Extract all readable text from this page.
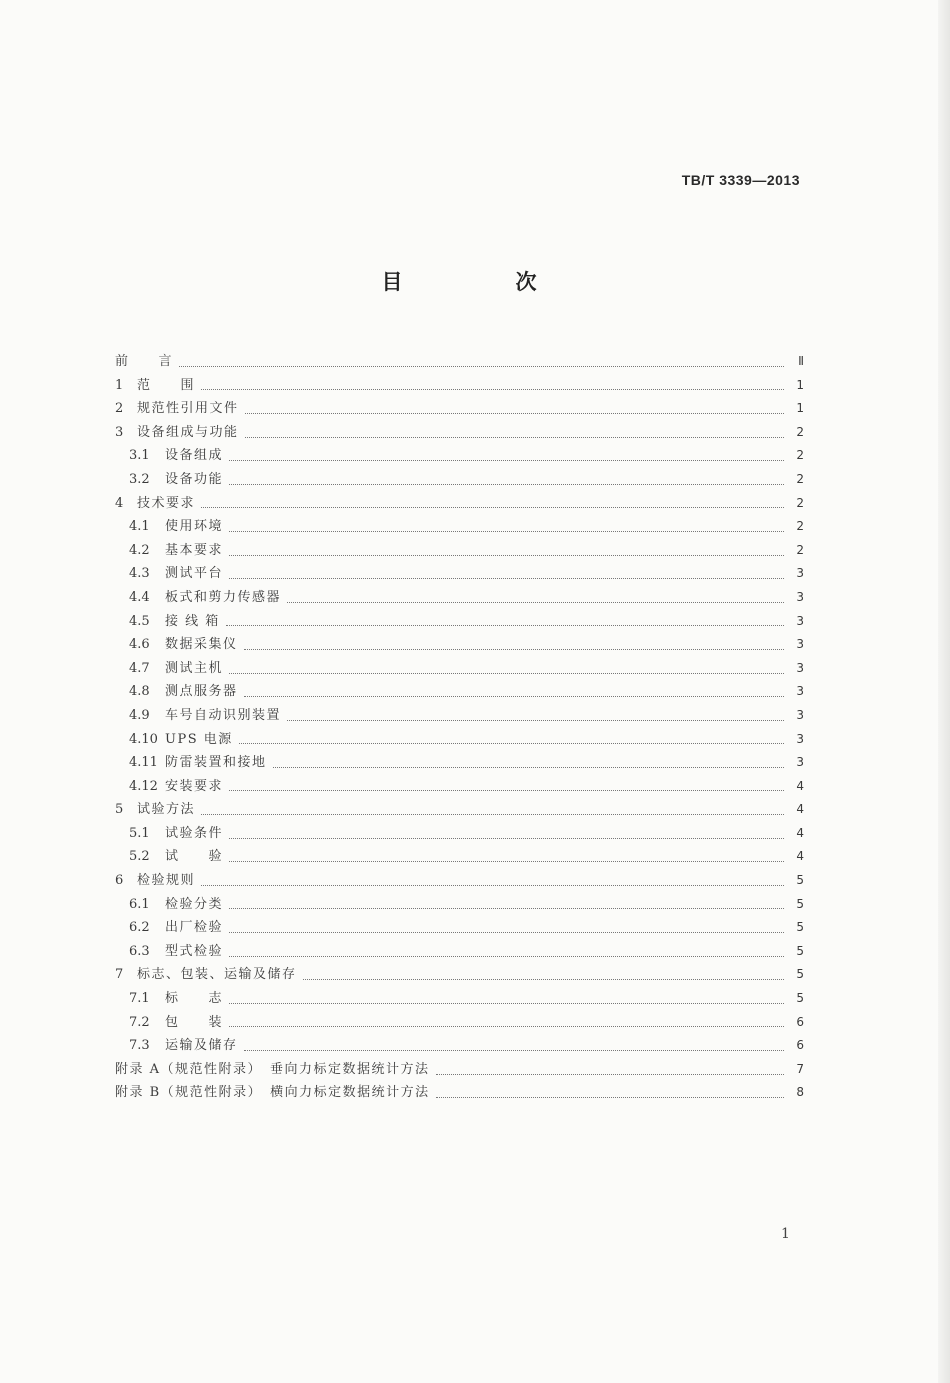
TB/T 3339—2013
目　次
前　　言	Ⅱ
1	范　　围	1
2	规范性引用文件	1
3	设备组成与功能	2
3.1	设备组成	2
3.2	设备功能	2
4	技术要求	2
4.1	使用环境	2
4.2	基本要求	2
4.3	测试平台	3
4.4	板式和剪力传感器	3
4.5	接 线 箱	3
4.6	数据采集仪	3
4.7	测试主机	3
4.8	测点服务器	3
4.9	车号自动识别装置	3
4.10 UPS 电源	3
4.11 防雷装置和接地	3
4.12 安装要求	4
5	试验方法	4
5.1	试验条件	4
5.2	试　　验	4
6	检验规则	5
6.1	检验分类	5
6.2	出厂检验	5
6.3	型式检验	5
7	标志、包装、运输及储存	5
7.1	标　　志	5
7.2	包　　装	6
7.3	运输及储存	6
附录 A（规范性附录）　垂向力标定数据统计方法	7
附录 B（规范性附录）　横向力标定数据统计方法	8
1
